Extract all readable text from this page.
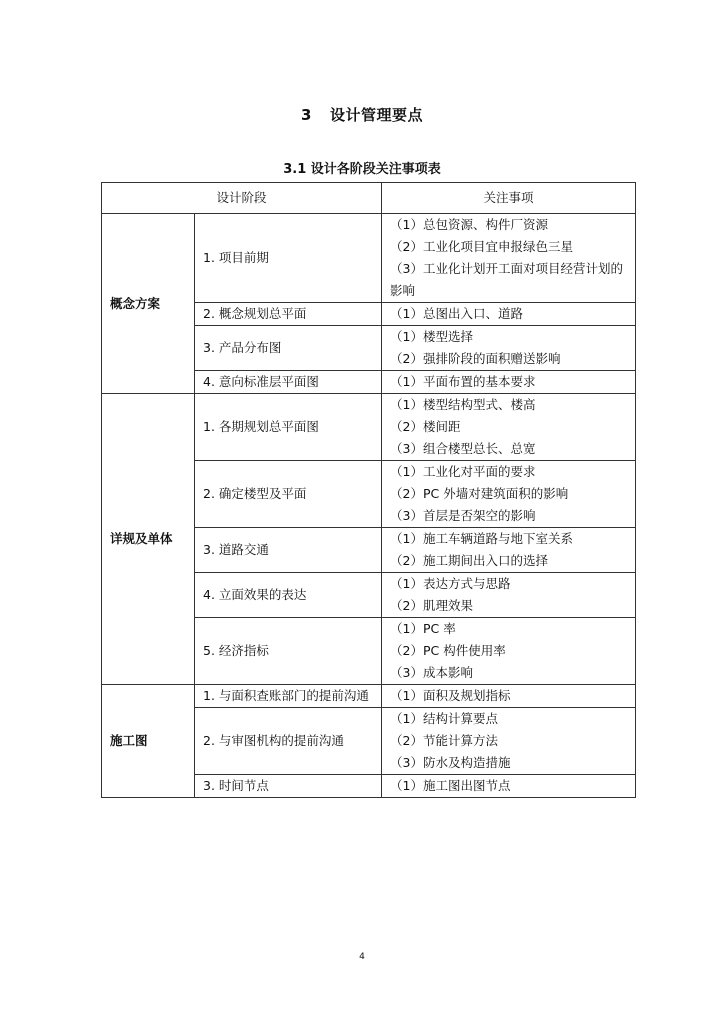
3 设计管理要点
3.1 设计各阶段关注事项表
设计阶段		关注事项
概念方案	1. 项目前期	（1）总包资源、构件厂资源
（2）工业化项目宜申报绿色三星
（3）工业化计划开工面对项目经营计划的影响

	2. 概念规划总平面	（1）总图出入口、道路

	3. 产品分布图	（1）楼型选择
（2）强排阶段的面积赠送影响

	4. 意向标准层平面图	（1）平面布置的基本要求

详规及单体	1. 各期规划总平面图	（1）楼型结构型式、楼高
（2）楼间距
（3）组合楼型总长、总宽

	2. 确定楼型及平面	（1）工业化对平面的要求
（2）PC 外墙对建筑面积的影响
（3）首层是否架空的影响

	3. 道路交通	（1）施工车辆道路与地下室关系
（2）施工期间出入口的选择

	4. 立面效果的表达	（1）表达方式与思路
（2）肌理效果

	5. 经济指标	（1）PC 率
（2）PC 构件使用率
（3）成本影响

施工图	1. 与面积查账部门的提前沟通	（1）面积及规划指标

	2. 与审图机构的提前沟通	（1）结构计算要点
（2）节能计算方法
（3）防水及构造措施

	3. 时间节点	（1）施工图出图节点
4
